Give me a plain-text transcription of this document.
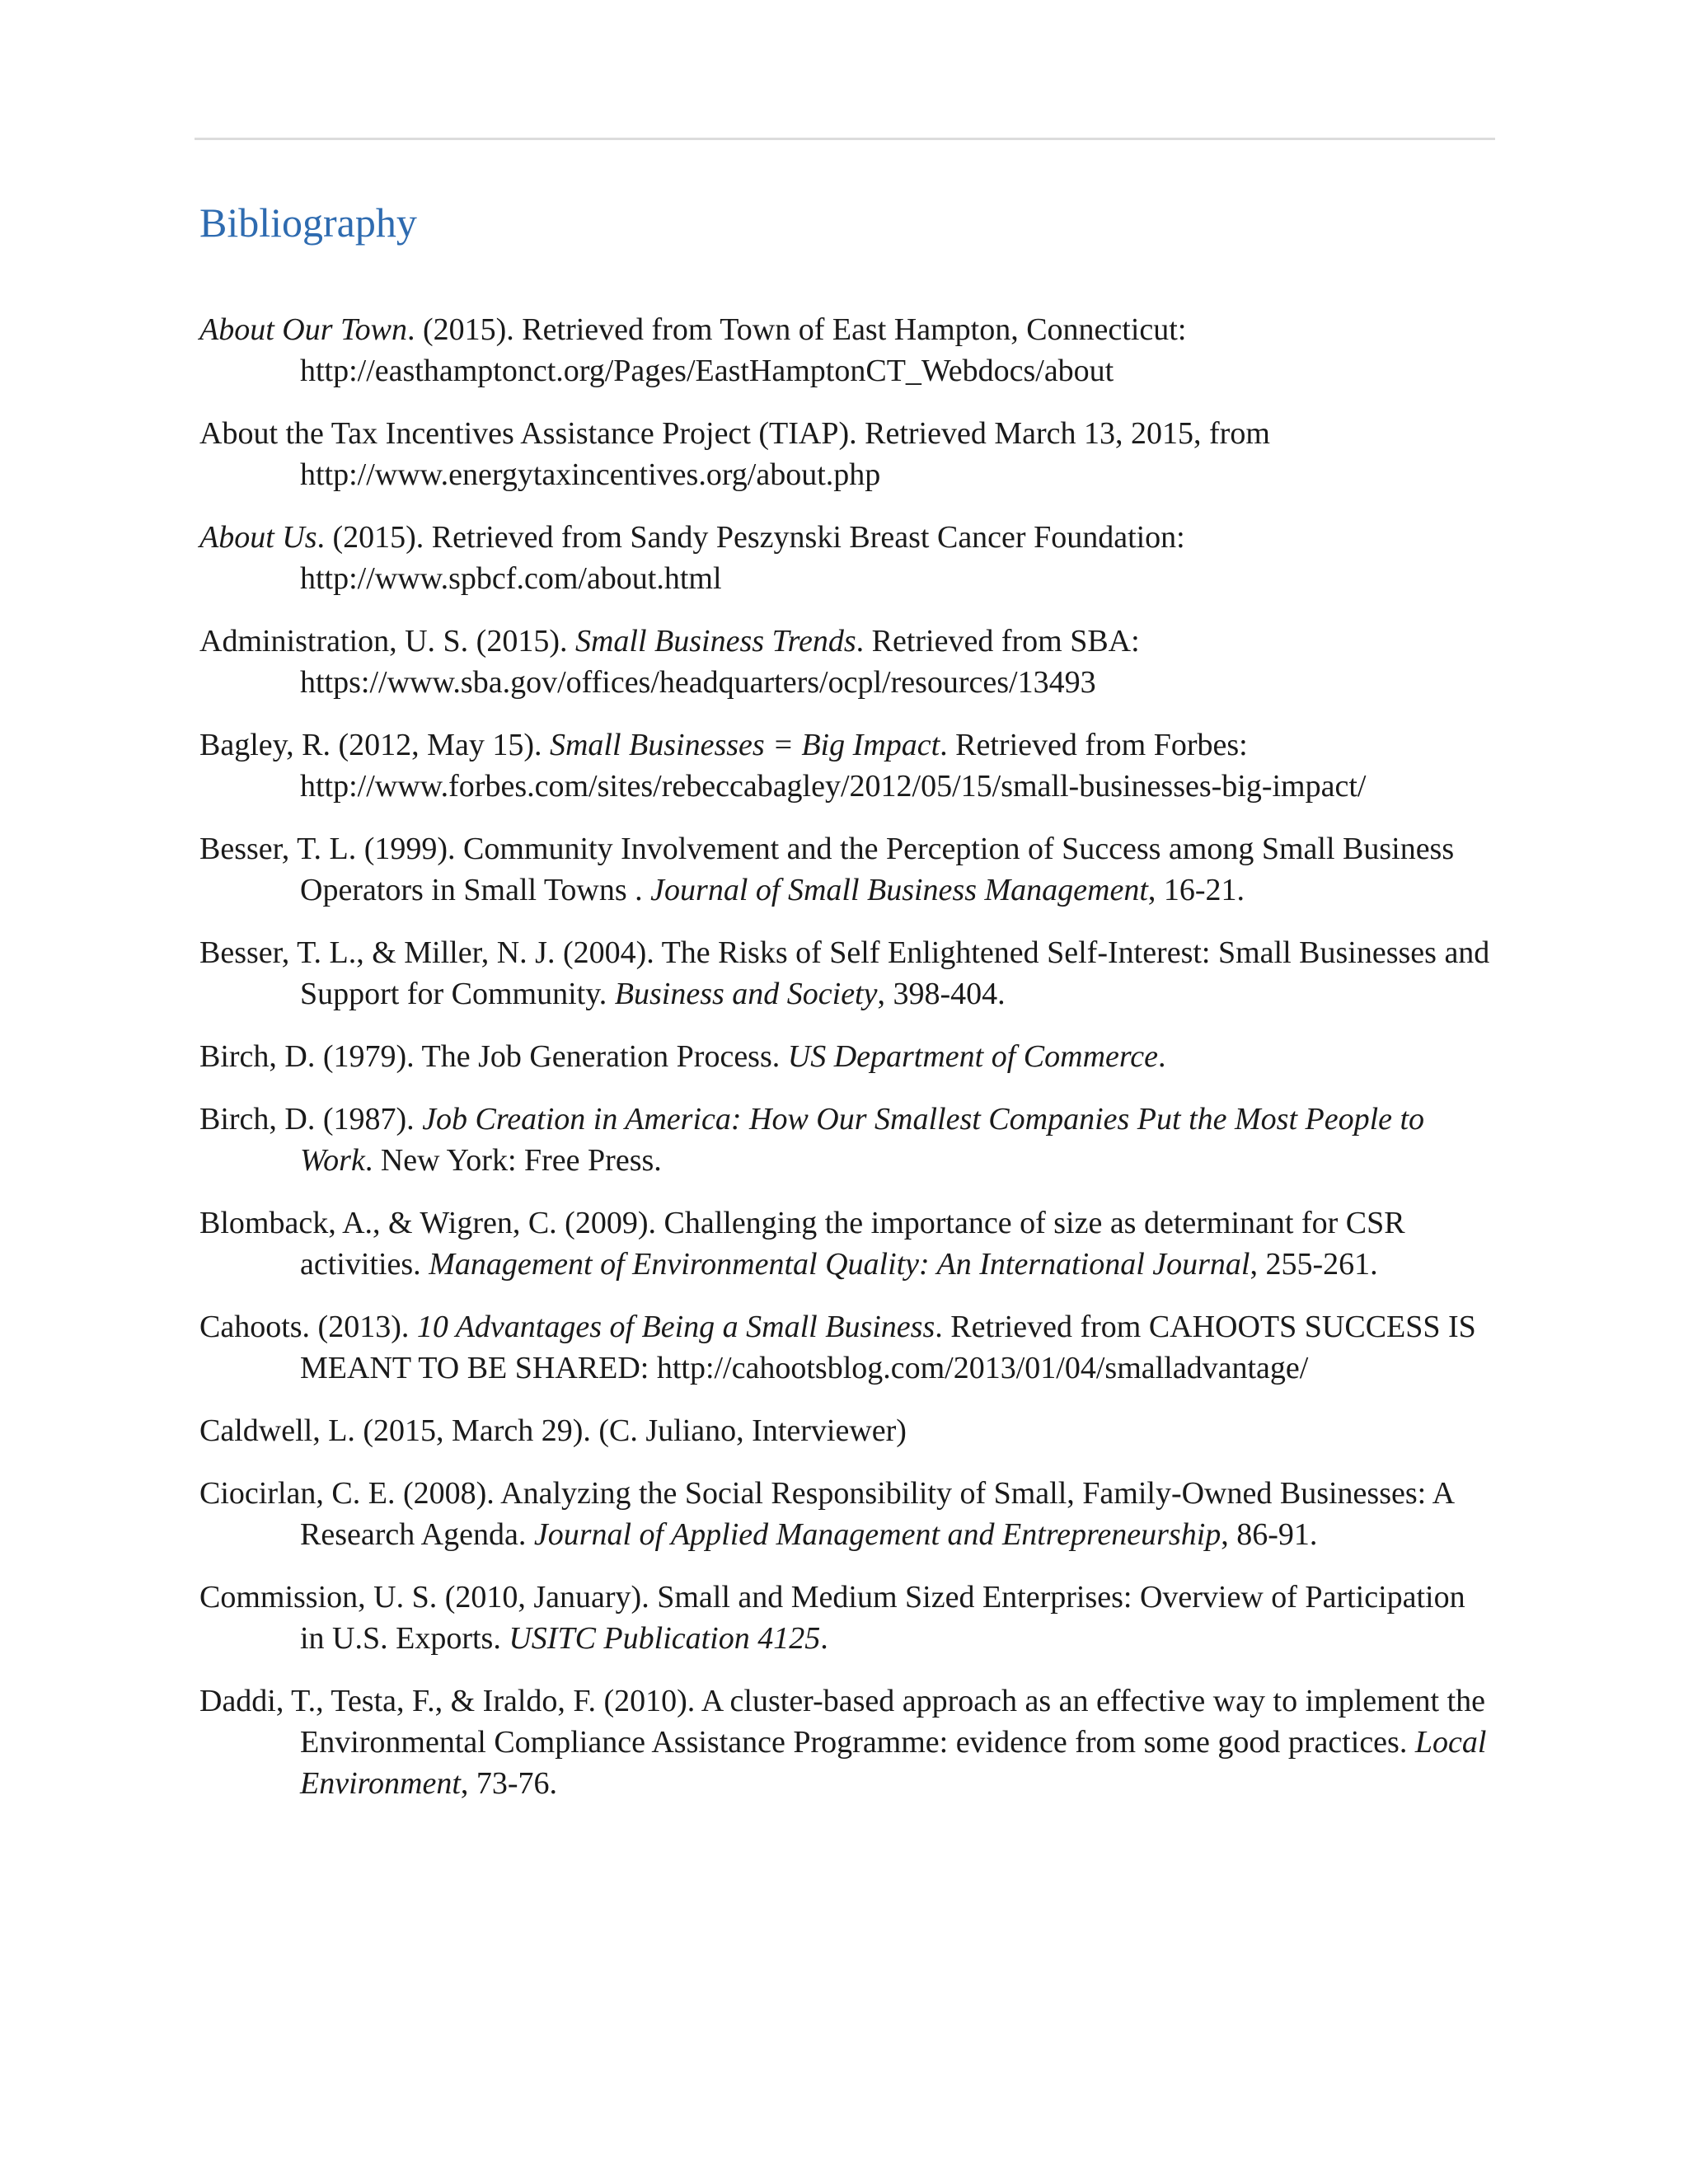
Bibliography

About Our Town. (2015). Retrieved from Town of East Hampton, Connecticut: http://easthamptonct.org/Pages/EastHamptonCT_Webdocs/about

About the Tax Incentives Assistance Project (TIAP). Retrieved March 13, 2015, from http://www.energytaxincentives.org/about.php

About Us. (2015). Retrieved from Sandy Peszynski Breast Cancer Foundation: http://www.spbcf.com/about.html

Administration, U. S. (2015). Small Business Trends. Retrieved from SBA: https://www.sba.gov/offices/headquarters/ocpl/resources/13493

Bagley, R. (2012, May 15). Small Businesses = Big Impact. Retrieved from Forbes: http://www.forbes.com/sites/rebeccabagley/2012/05/15/small-businesses-big-impact/

Besser, T. L. (1999). Community Involvement and the Perception of Success among Small Business Operators in Small Towns . Journal of Small Business Management, 16-21.

Besser, T. L., & Miller, N. J. (2004). The Risks of Self Enlightened Self-Interest: Small Businesses and Support for Community. Business and Society, 398-404.

Birch, D. (1979). The Job Generation Process. US Department of Commerce.

Birch, D. (1987). Job Creation in America: How Our Smallest Companies Put the Most People to Work. New York: Free Press.

Blomback, A., & Wigren, C. (2009). Challenging the importance of size as determinant for CSR activities. Management of Environmental Quality: An International Journal, 255-261.

Cahoots. (2013). 10 Advantages of Being a Small Business. Retrieved from CAHOOTS SUCCESS IS MEANT TO BE SHARED: http://cahootsblog.com/2013/01/04/smalladvantage/

Caldwell, L. (2015, March 29). (C. Juliano, Interviewer)

Ciocirlan, C. E. (2008). Analyzing the Social Responsibility of Small, Family-Owned Businesses: A Research Agenda. Journal of Applied Management and Entrepreneurship, 86-91.

Commission, U. S. (2010, January). Small and Medium Sized Enterprises: Overview of Participation in U.S. Exports. USITC Publication 4125.

Daddi, T., Testa, F., & Iraldo, F. (2010). A cluster-based approach as an effective way to implement the Environmental Compliance Assistance Programme: evidence from some good practices. Local Environment, 73-76.
